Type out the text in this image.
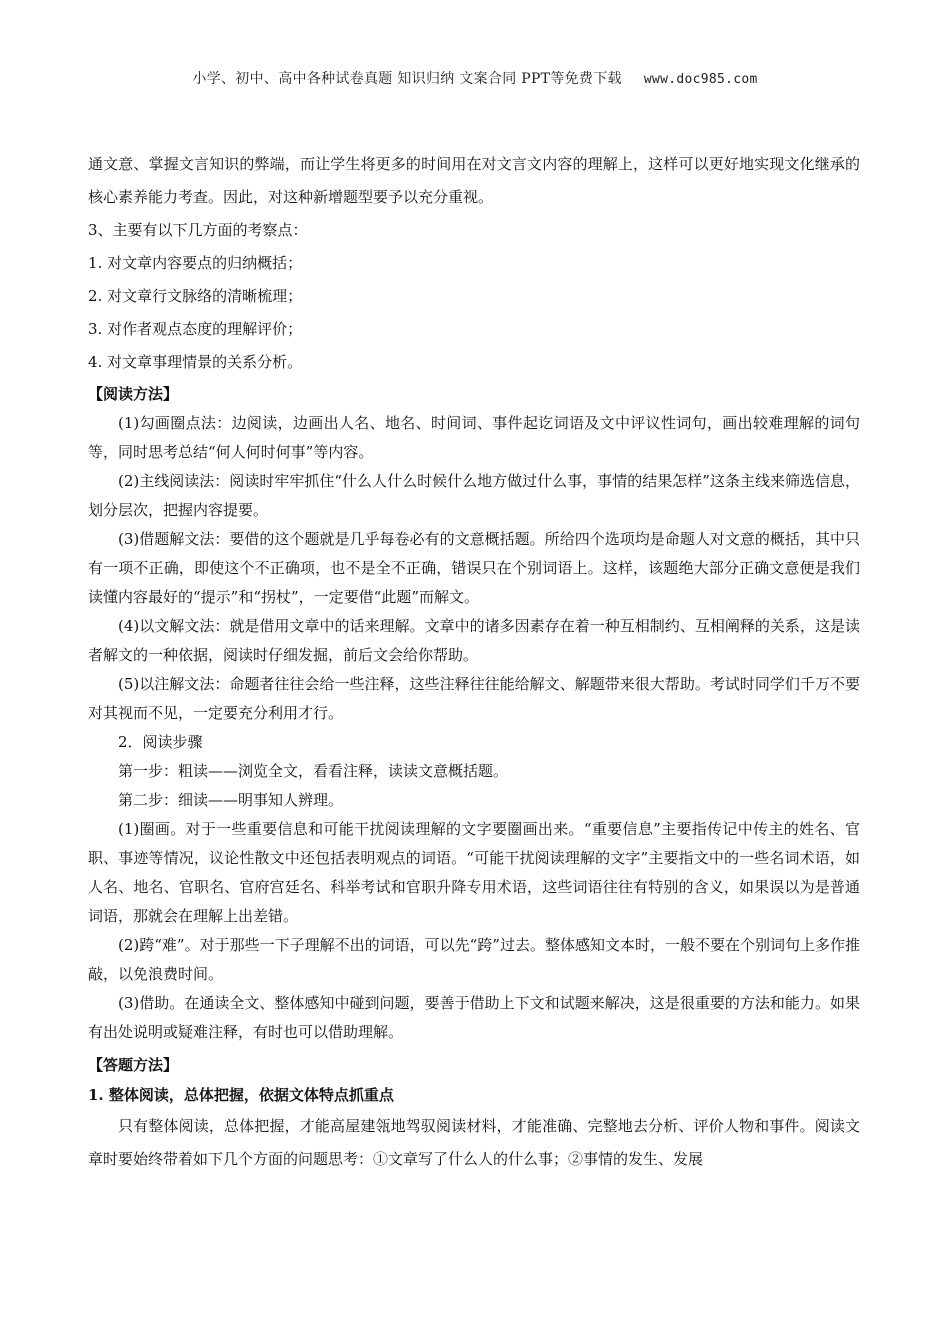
小学、初中、高中各种试卷真题 知识归纳 文案合同 PPT等免费下载 www.doc985.com

通文意、掌握文言知识的弊端，而让学生将更多的时间用在对文言文内容的理解上，这样可以更好地实现文化继承的核心素养能力考查。因此，对这种新增题型要予以充分重视。

3、主要有以下几方面的考察点：

1. 对文章内容要点的归纳概括；

2. 对文章行文脉络的清晰梳理；

3. 对作者观点态度的理解评价；

4. 对文章事理情景的关系分析。

【阅读方法】

(1)勾画圈点法：边阅读，边画出人名、地名、时间词、事件起讫词语及文中评议性词句，画出较难理解的词句等，同时思考总结“何人何时何事”等内容。

(2)主线阅读法：阅读时牢牢抓住“什么人什么时候什么地方做过什么事，事情的结果怎样”这条主线来筛选信息，划分层次，把握内容提要。

(3)借题解文法：要借的这个题就是几乎每卷必有的文意概括题。所给四个选项均是命题人对文意的概括，其中只有一项不正确，即使这个不正确项，也不是全不正确，错误只在个别词语上。这样，该题绝大部分正确文意便是我们读懂内容最好的“提示”和“拐杖”，一定要借“此题”而解文。

(4)以文解文法：就是借用文章中的话来理解。文章中的诸多因素存在着一种互相制约、互相阐释的关系，这是读者解文的一种依据，阅读时仔细发掘，前后文会给你帮助。

(5)以注解文法：命题者往往会给一些注释，这些注释往往能给解文、解题带来很大帮助。考试时同学们千万不要对其视而不见，一定要充分利用才行。

2．阅读步骤

第一步：粗读——浏览全文，看看注释，读读文意概括题。

第二步：细读——明事知人辨理。

(1)圈画。对于一些重要信息和可能干扰阅读理解的文字要圈画出来。“重要信息”主要指传记中传主的姓名、官职、事迹等情况，议论性散文中还包括表明观点的词语。“可能干扰阅读理解的文字”主要指文中的一些名词术语，如人名、地名、官职名、官府宫廷名、科举考试和官职升降专用术语，这些词语往往有特别的含义，如果误以为是普通词语，那就会在理解上出差错。

(2)跨“难”。对于那些一下子理解不出的词语，可以先“跨”过去。整体感知文本时，一般不要在个别词句上多作推敲，以免浪费时间。

(3)借助。在通读全文、整体感知中碰到问题，要善于借助上下文和试题来解决，这是很重要的方法和能力。如果有出处说明或疑难注释，有时也可以借助理解。

【答题方法】

1. 整体阅读，总体把握，依据文体特点抓重点

只有整体阅读，总体把握，才能高屋建瓴地驾驭阅读材料，才能准确、完整地去分析、评价人物和事件。阅读文章时要始终带着如下几个方面的问题思考：①文章写了什么人的什么事；②事情的发生、发展
